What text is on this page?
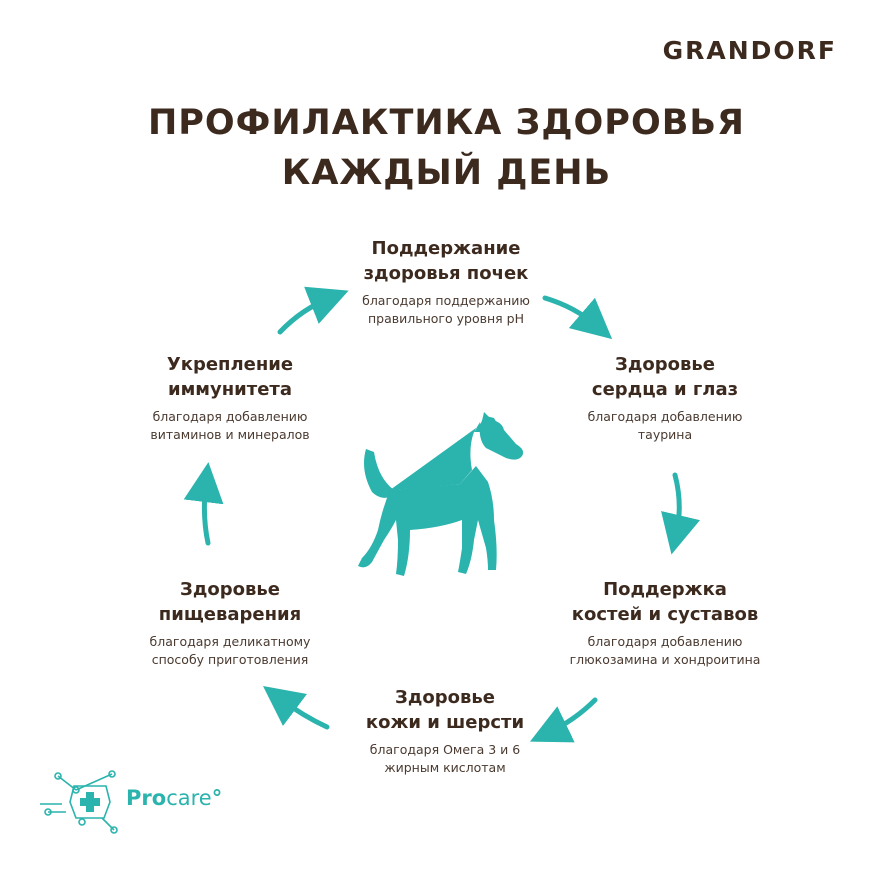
GRANDORF
ПРОФИЛАКТИКА ЗДОРОВЬЯ
КАЖДЫЙ ДЕНЬ
Поддержание
здоровья почек
благодаря поддержанию
правильного уровня рН
Здоровье
сердца и глаз
благодаря добавлению
таурина
Поддержка
костей и суставов
благодаря добавлению
глюкозамина и хондроитина
Здоровье
кожи и шерсти
благодаря Омега 3 и 6
жирным кислотам
Здоровье
пищеварения
благодаря деликатному
способу приготовления
Укрепление
иммунитета
благодаря добавлению
витаминов и минералов
Procare°
